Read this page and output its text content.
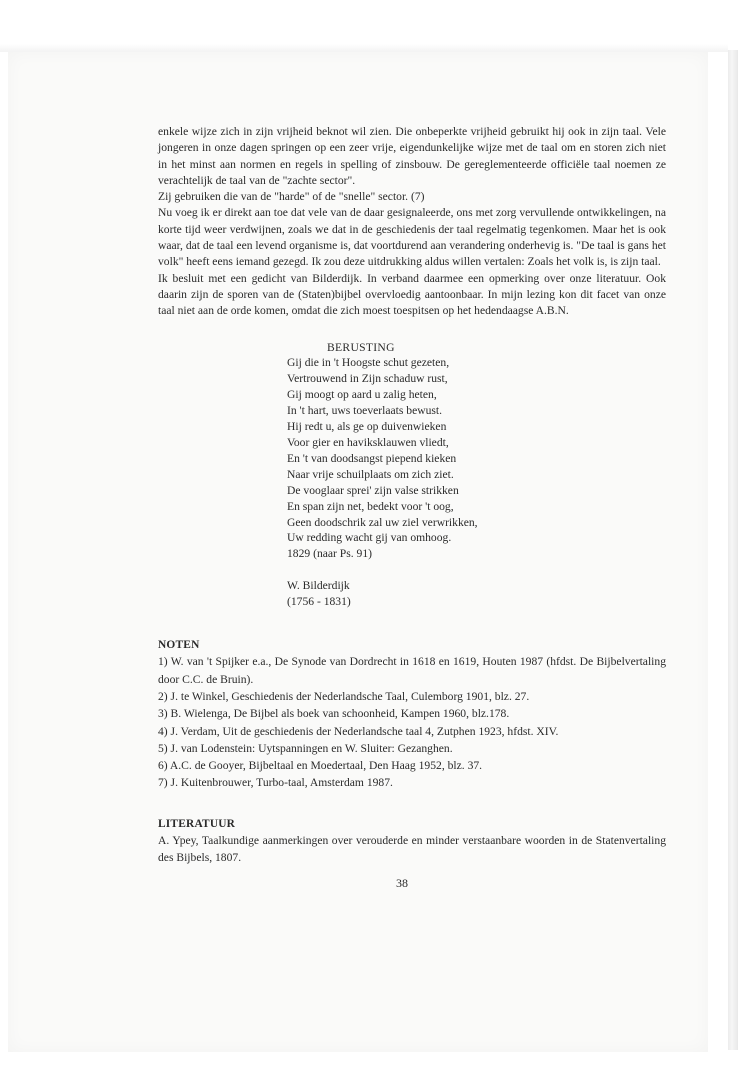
enkele wijze zich in zijn vrijheid beknot wil zien. Die onbeperkte vrijheid gebruikt hij ook in zijn taal. Vele jongeren in onze dagen springen op een zeer vrije, eigendunkelijke wijze met de taal om en storen zich niet in het minst aan normen en regels in spelling of zinsbouw. De gereglementeerde officiële taal noemen ze verachtelijk de taal van de "zachte sector".

Zij gebruiken die van de "harde" of de "snelle" sector. (7)

Nu voeg ik er direkt aan toe dat vele van de daar gesignaleerde, ons met zorg vervullende ontwikkelingen, na korte tijd weer verdwijnen, zoals we dat in de geschiedenis der taal regelmatig tegenkomen. Maar het is ook waar, dat de taal een levend organisme is, dat voortdurend aan verandering onderhevig is. "De taal is gans het volk" heeft eens iemand gezegd. Ik zou deze uitdrukking aldus willen vertalen: Zoals het volk is, is zijn taal.

Ik besluit met een gedicht van Bilderdijk. In verband daarmee een opmerking over onze literatuur. Ook daarin zijn de sporen van de (Staten)bijbel overvloedig aantoonbaar. In mijn lezing kon dit facet van onze taal niet aan de orde komen, omdat die zich moest toespitsen op het hedendaagse A.B.N.

BERUSTING
Gij die in 't Hoogste schut gezeten,
Vertrouwend in Zijn schaduw rust,
Gij moogt op aard u zalig heten,
In 't hart, uws toeverlaats bewust.
Hij redt u, als ge op duivenwieken
Voor gier en haviksklauwen vliedt,
En 't van doodsangst piepend kieken
Naar vrije schuilplaats om zich ziet.
De vooglaar sprei' zijn valse strikken
En span zijn net, bedekt voor 't oog,
Geen doodschrik zal uw ziel verwrikken,
Uw redding wacht gij van omhoog.
1829 (naar Ps. 91)
W. Bilderdijk
(1756 - 1831)
NOTEN
1) W. van 't Spijker e.a., De Synode van Dordrecht in 1618 en 1619, Houten 1987 (hfdst. De Bijbelvertaling door C.C. de Bruin).
2) J. te Winkel, Geschiedenis der Nederlandsche Taal, Culemborg 1901, blz. 27.
3) B. Wielenga, De Bijbel als boek van schoonheid, Kampen 1960, blz.178.
4) J. Verdam, Uit de geschiedenis der Nederlandsche taal 4, Zutphen 1923, hfdst. XIV.
5) J. van Lodenstein: Uytspanningen en W. Sluiter: Gezanghen.
6) A.C. de Gooyer, Bijbeltaal en Moedertaal, Den Haag 1952, blz. 37.
7) J. Kuitenbrouwer, Turbo-taal, Amsterdam 1987.
LITERATUUR
A. Ypey, Taalkundige aanmerkingen over verouderde en minder verstaanbare woorden in de Statenvertaling des Bijbels, 1807.
38
